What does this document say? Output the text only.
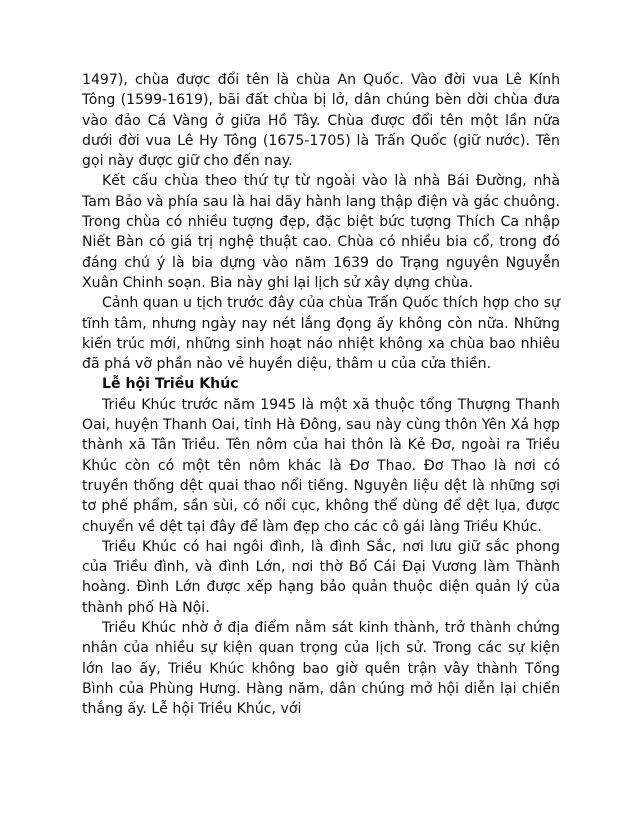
1497), chùa được đổi tên là chùa An Quốc. Vào đời vua Lê Kính Tông (1599-1619), bãi đất chùa bị lở, dân chúng bèn dời chùa đưa vào đảo Cá Vàng ở giữa Hồ Tây. Chùa được đổi tên một lần nữa dưới đời vua Lê Hy Tông (1675-1705) là Trấn Quốc (giữ nước). Tên gọi này được giữ cho đến nay.

Kết cấu chùa theo thứ tự từ ngoài vào là nhà Bái Đường, nhà Tam Bảo và phía sau là hai dãy hành lang thập điện và gác chuông. Trong chùa có nhiều tượng đẹp, đặc biệt bức tượng Thích Ca nhập Niết Bàn có giá trị nghệ thuật cao. Chùa có nhiều bia cổ, trong đó đáng chú ý là bia dựng vào năm 1639 do Trạng nguyên Nguyễn Xuân Chinh soạn. Bia này ghi lại lịch sử xây dựng chùa.

Cảnh quan u tịch trước đây của chùa Trấn Quốc thích hợp cho sự tĩnh tâm, nhưng ngày nay nét lắng đọng ấy không còn nữa. Những kiến trúc mới, những sinh hoạt náo nhiệt không xa chùa bao nhiêu đã phá vỡ phần nào vẻ huyền diệu, thâm u của cửa thiền.

Lễ hội Triều Khúc

Triều Khúc trước năm 1945 là một xã thuộc tổng Thượng Thanh Oai, huyện Thanh Oai, tỉnh Hà Đông, sau này cùng thôn Yên Xá hợp thành xã Tân Triều. Tên nôm của hai thôn là Kẻ Đơ, ngoài ra Triều Khúc còn có một tên nôm khác là Đơ Thao. Đơ Thao là nơi có truyền thống dệt quai thao nổi tiếng. Nguyên liệu dệt là những sợi tơ phế phẩm, sần sùi, có nổi cục, không thể dùng để dệt lụa, được chuyển về dệt tại đây để làm đẹp cho các cô gái làng Triều Khúc.

Triều Khúc có hai ngôi đình, là đình Sắc, nơi lưu giữ sắc phong của Triều đình, và đình Lớn, nơi thờ Bố Cái Đại Vương làm Thành hoàng. Đình Lớn được xếp hạng bảo quản thuộc diện quản lý của thành phố Hà Nội.

Triều Khúc nhờ ở địa điểm nằm sát kinh thành, trở thành chứng nhân của nhiều sự kiện quan trọng của lịch sử. Trong các sự kiện lớn lao ấy, Triều Khúc không bao giờ quên trận vây thành Tống Bình của Phùng Hưng. Hàng năm, dân chúng mở hội diễn lại chiến thắng ấy. Lễ hội Triều Khúc, với
